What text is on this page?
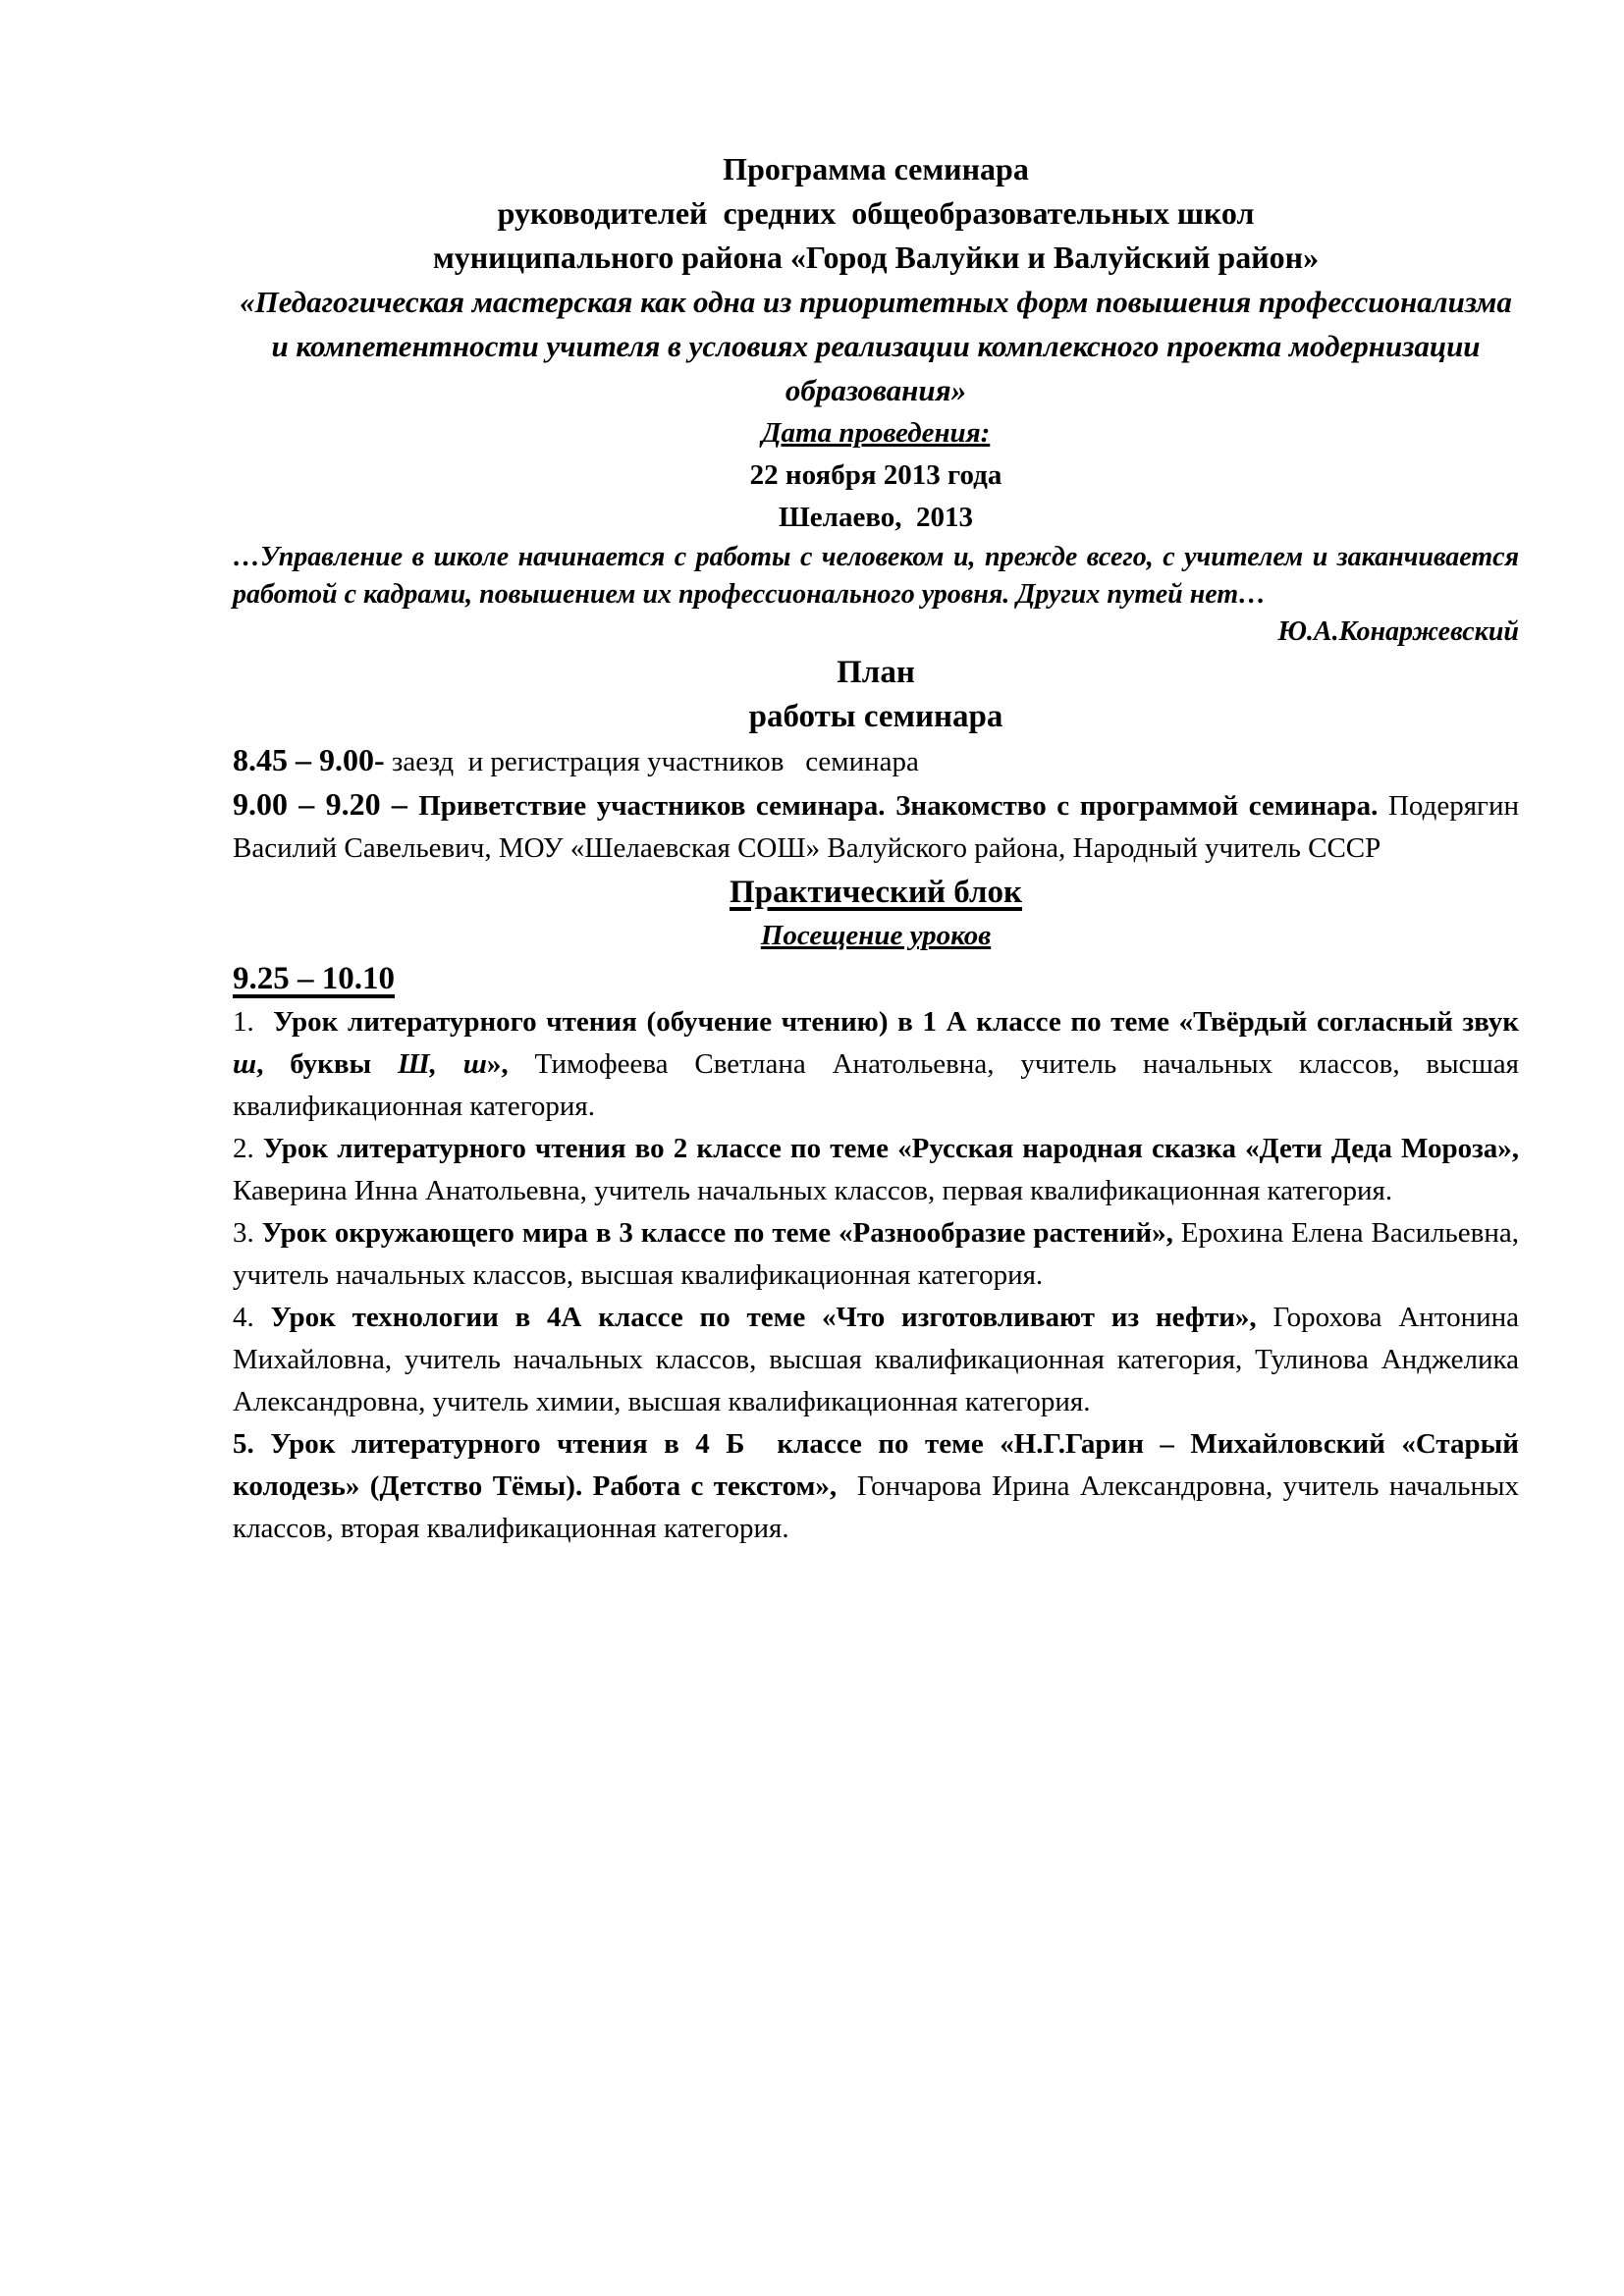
Программа семинара
руководителей  средних  общеобразовательных школ
муниципального района «Город Валуйки и Валуйский район»

«Педагогическая мастерская как одна из приоритетных форм повышения профессионализма и компетентности учителя в условиях реализации комплексного проекта модернизации образования»

Дата проведения:
22 ноября 2013 года
Шелаево,  2013

…Управление в школе начинается с работы с человеком и, прежде всего, с учителем и заканчивается работой с кадрами, повышением их профессионального уровня. Других путей нет…

Ю.А.Конаржевский
План
работы семинара

8.45 – 9.00- заезд  и регистрация участников   семинара

9.00 – 9.20 – Приветствие участников семинара. Знакомство с программой семинара. Подерягин Василий Савельевич, МОУ «Шелаевская СОШ» Валуйского района, Народный учитель СССР

Практический блок
Посещение уроков
9.25 – 10.10

1.  Урок литературного чтения (обучение чтению) в 1 А классе по теме «Твёрдый согласный звук ш, буквы Ш, ш», Тимофеева Светлана Анатольевна, учитель начальных классов, высшая квалификационная категория.

2. Урок литературного чтения во 2 классе по теме «Русская народная сказка «Дети Деда Мороза», Каверина Инна Анатольевна, учитель начальных классов, первая квалификационная категория.

3. Урок окружающего мира в 3 классе по теме «Разнообразие растений», Ерохина Елена Васильевна, учитель начальных классов, высшая квалификационная категория.

4. Урок технологии в 4А классе по теме «Что изготовливают из нефти», Горохова Антонина Михайловна, учитель начальных классов, высшая квалификационная категория, Тулинова Анджелика Александровна, учитель химии, высшая квалификационная категория.

5. Урок литературного чтения в 4 Б  классе по теме «Н.Г.Гарин – Михайловский «Старый колодезь» (Детство Тёмы). Работа с текстом»,  Гончарова Ирина Александровна, учитель начальных классов, вторая квалификационная категория.
